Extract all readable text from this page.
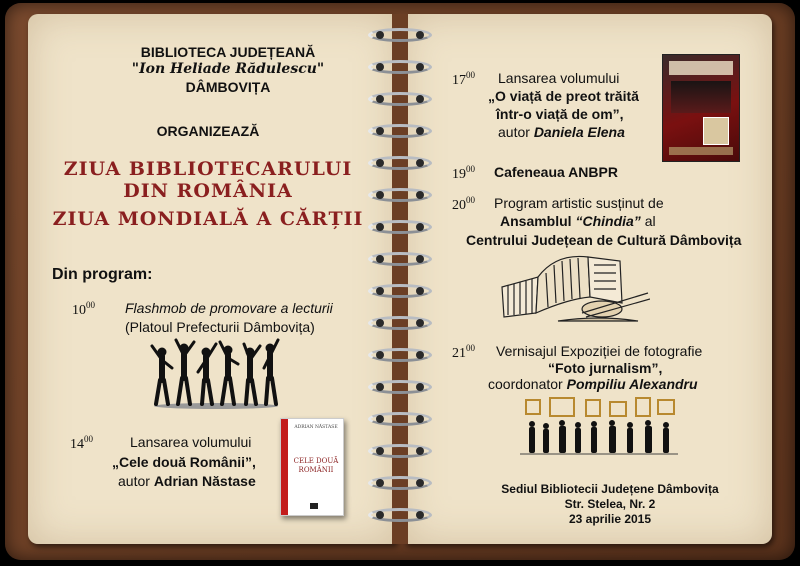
BIBLIOTECA JUDEȚEANĂ
"Ion Heliade Rădulescu"
DÂMBOVIȚA
ORGANIZEAZĂ
ZIUA BIBLIOTECARULUI
DIN ROMÂNIA
ZIUA MONDIALĂ A CĂRȚII
Din program:
$10^{00}$ Flashmob de promovare a lecturii
(Platoul Prefecturii Dâmbovița)
$14^{00}$	Lansarea volumului
„Cele două Românii”,
autor Adrian Năstase
ADRIAN NĂSTASE
CELE DOUĂ
ROMÂNII
$17^{00}$ Lansarea volumului
„O viață de preot trăită
într-o viață de om”,
autor Daniela Elena
$19^{00}$ Cafeneaua ANBPR
$20^{00}$ Program artistic susținut de
Ansamblul “Chindia” al
Centrului Județean de Cultură Dâmbovița
$21^{00}$ Vernisajul Expoziției de fotografie
“Foto jurnalism”,
coordonator Pompiliu Alexandru
Sediul Bibliotecii Județene Dâmbovița
Str. Stelea, Nr. 2
23 aprilie 2015
